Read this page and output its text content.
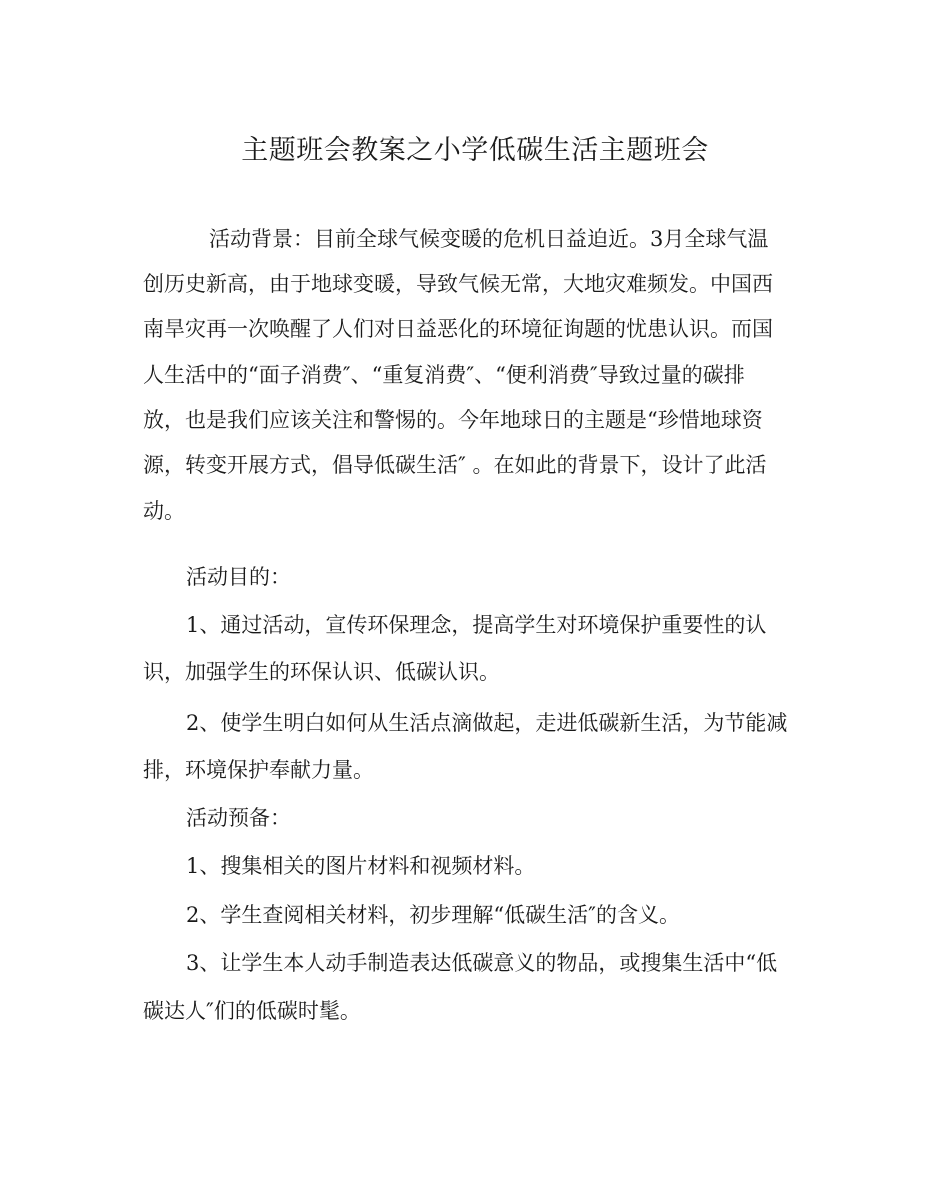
主题班会教案之小学低碳生活主题班会
活动背景：目前全球气候变暖的危机日益迫近。3月全球气温
创历史新高，由于地球变暖，导致气候无常，大地灾难频发。中国西
南旱灾再一次唤醒了人们对日益恶化的环境征询题的忧患认识。而国
人生活中的“面子消费″、“重复消费″、“便利消费″导致过量的碳排
放，也是我们应该关注和警惕的。今年地球日的主题是“珍惜地球资
源，转变开展方式，倡导低碳生活″ 。在如此的背景下，设计了此活
动。
活动目的：
1、通过活动，宣传环保理念，提高学生对环境保护重要性的认
识，加强学生的环保认识、低碳认识。
2、使学生明白如何从生活点滴做起，走进低碳新生活，为节能减
排，环境保护奉献力量。
活动预备：
1、搜集相关的图片材料和视频材料。
2、学生查阅相关材料，初步理解“低碳生活″的含义。
3、让学生本人动手制造表达低碳意义的物品，或搜集生活中“低
碳达人″们的低碳时髦。
